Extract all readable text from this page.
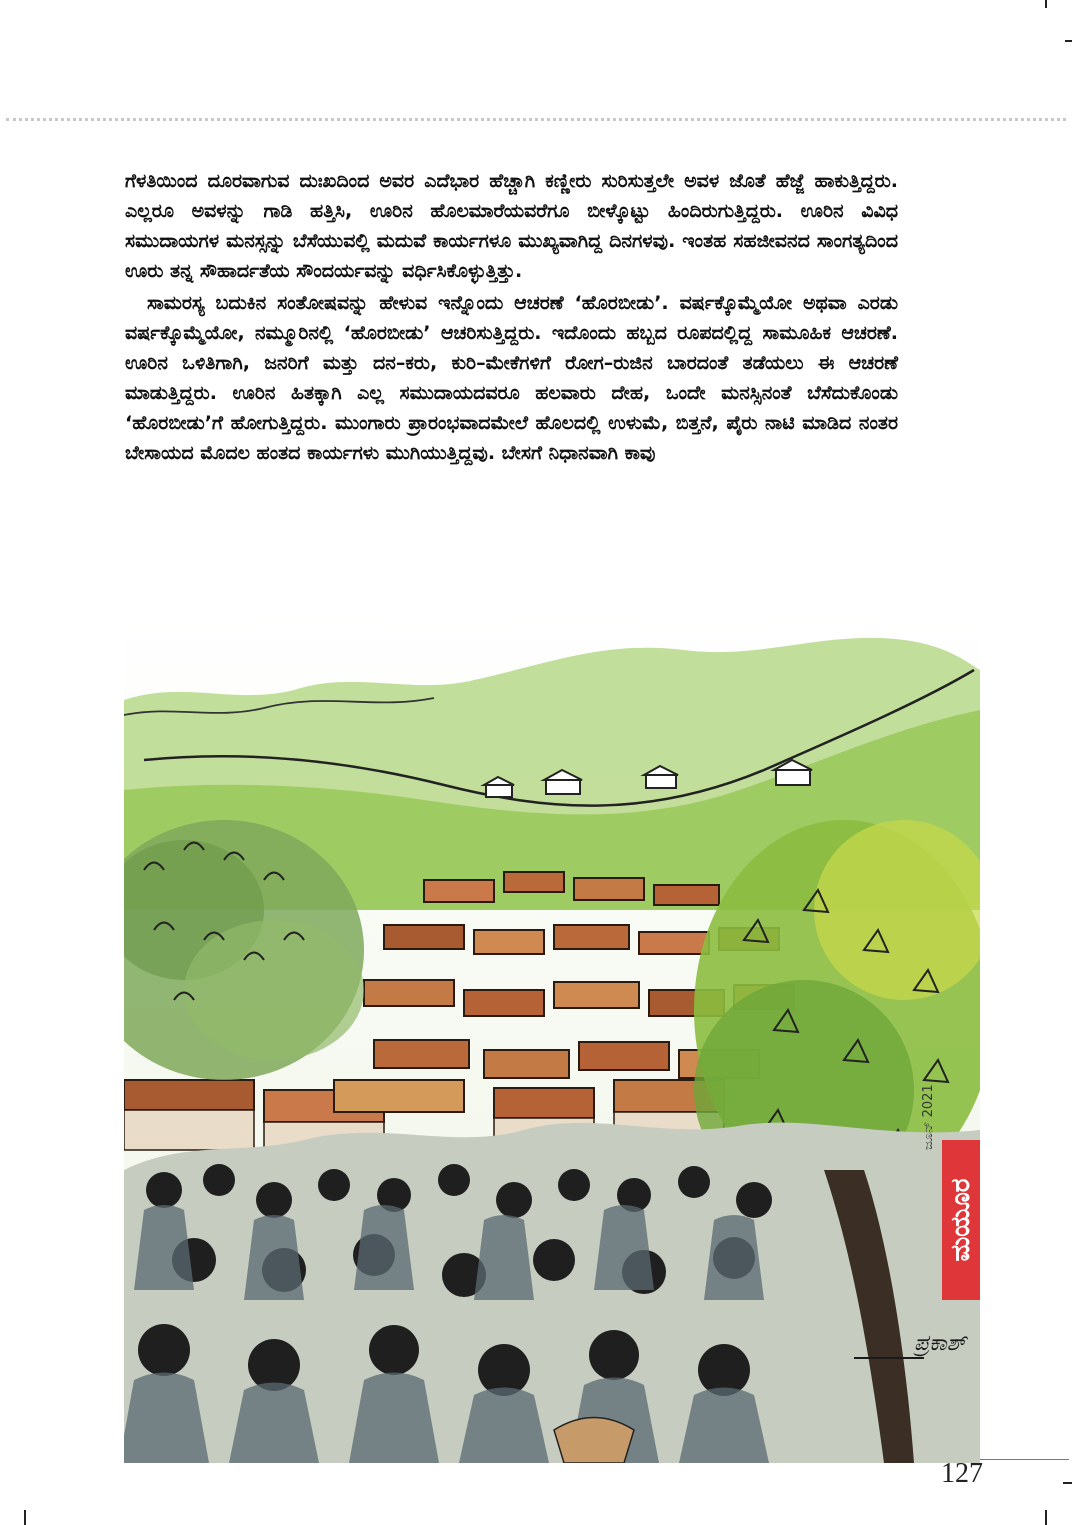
ಗೆಳತಿಯಿಂದ ದೂರವಾಗುವ ದುಃಖದಿಂದ ಅವರ ಎದೆಭಾರ ಹೆಚ್ಚಾಗಿ ಕಣ್ಣೀರು ಸುರಿಸುತ್ತಲೇ ಅವಳ ಜೊತೆ ಹೆಜ್ಜೆ ಹಾಕುತ್ತಿದ್ದರು. ಎಲ್ಲರೂ ಅವಳನ್ನು ಗಾಡಿ ಹತ್ತಿಸಿ, ಊರಿನ ಹೊಲಮಾರೆಯವರೆಗೂ ಬೀಳ್ಕೊಟ್ಟು ಹಿಂದಿರುಗುತ್ತಿದ್ದರು. ಊರಿನ ವಿವಿಧ ಸಮುದಾಯಗಳ ಮನಸ್ಸನ್ನು ಬೆಸೆಯುವಲ್ಲಿ ಮದುವೆ ಕಾರ್ಯಗಳೂ ಮುಖ್ಯವಾಗಿದ್ದ ದಿನಗಳವು. ಇಂತಹ ಸಹಜೀವನದ ಸಾಂಗತ್ಯದಿಂದ ಊರು ತನ್ನ ಸೌಹಾರ್ದತೆಯ ಸೌಂದರ್ಯವನ್ನು ವರ್ಧಿಸಿಕೊಳ್ಳುತ್ತಿತ್ತು.

ಸಾಮರಸ್ಯ ಬದುಕಿನ ಸಂತೋಷವನ್ನು ಹೇಳುವ ಇನ್ನೊಂದು ಆಚರಣೆ ‘ಹೊರಬೀಡು’. ವರ್ಷಕ್ಕೊಮ್ಮೆಯೋ ಅಥವಾ ಎರಡು ವರ್ಷಕ್ಕೊಮ್ಮೆಯೋ, ನಮ್ಮೂರಿನಲ್ಲಿ ‘ಹೊರಬೀಡು’ ಆಚರಿಸುತ್ತಿದ್ದರು. ಇದೊಂದು ಹಬ್ಬದ ರೂಪದಲ್ಲಿದ್ದ ಸಾಮೂಹಿಕ ಆಚರಣೆ. ಊರಿನ ಒಳಿತಿಗಾಗಿ, ಜನರಿಗೆ ಮತ್ತು ದನ–ಕರು, ಕುರಿ–ಮೇಕೆಗಳಿಗೆ ರೋಗ–ರುಜಿನ ಬಾರದಂತೆ ತಡೆಯಲು ಈ ಆಚರಣೆ ಮಾಡುತ್ತಿದ್ದರು. ಊರಿನ ಹಿತಕ್ಕಾಗಿ ಎಲ್ಲ ಸಮುದಾಯದವರೂ ಹಲವಾರು ದೇಹ, ಒಂದೇ ಮನಸ್ಸಿನಂತೆ ಬೆಸೆದುಕೊಂಡು ‘ಹೊರಬೀಡು’ಗೆ ಹೋಗುತ್ತಿದ್ದರು. ಮುಂಗಾರು ಪ್ರಾರಂಭವಾದಮೇಲೆ ಹೊಲದಲ್ಲಿ ಉಳುಮೆ, ಬಿತ್ತನೆ, ಪೈರು ನಾಟಿ ಮಾಡಿದ ನಂತರ ಬೇಸಾಯದ ಮೊದಲ ಹಂತದ ಕಾರ್ಯಗಳು ಮುಗಿಯುತ್ತಿದ್ದವು. ಬೇಸಗೆ ನಿಧಾನವಾಗಿ ಕಾವು

ಮಯೂರ
ಜೂನ್ 2021
ಪ್ರಕಾಶ್
127
